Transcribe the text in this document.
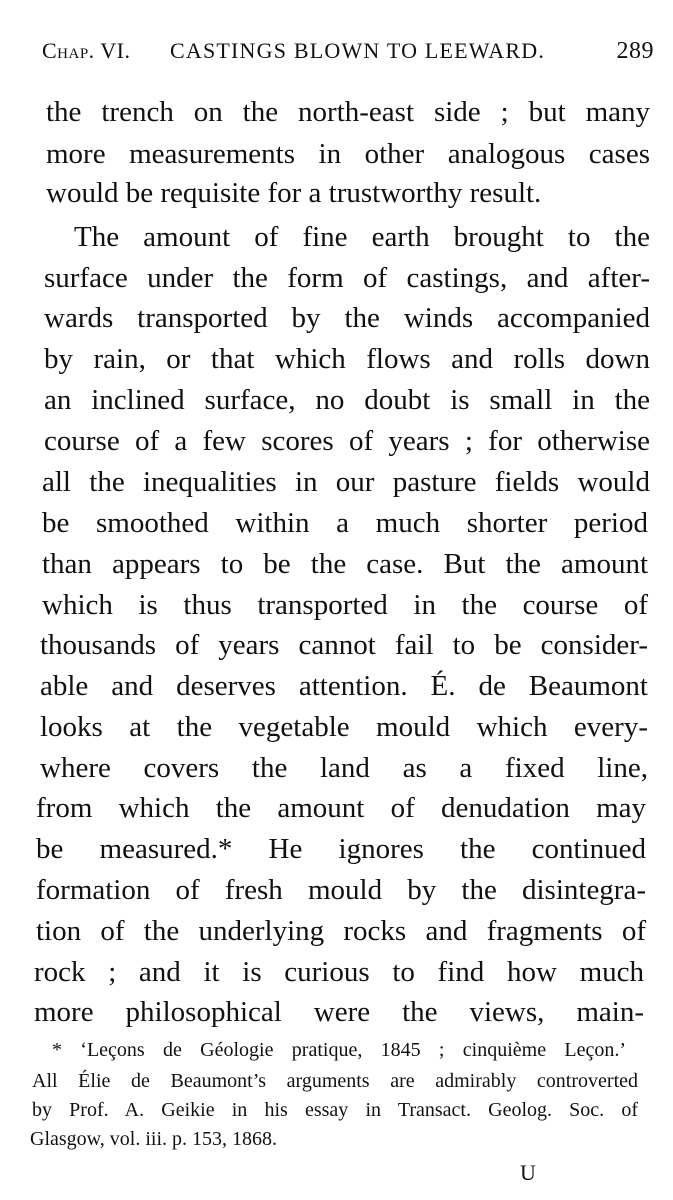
Chap. VI. CASTINGS BLOWN TO LEEWARD.	289
the trench on the north-east side ; but many
more measurements in other analogous cases
would be requisite for a trustworthy result.
The amount of fine earth brought to the
surface under the form of castings, and after-
wards transported by the winds accompanied
by rain, or that which flows and rolls down
an inclined surface, no doubt is small in the
course of a few scores of years ; for otherwise
all the inequalities in our pasture fields would
be smoothed within a much shorter period
than appears to be the case. But the amount
which is thus transported in the course of
thousands of years cannot fail to be consider-
able and deserves attention. É. de Beaumont
looks at the vegetable mould which every-
where covers the land as a fixed line,
from which the amount of denudation may
be measured.* He ignores the continued
formation of fresh mould by the disintegra-
tion of the underlying rocks and fragments of
rock ; and it is curious to find how much
more philosophical were the views, main-
* ‘Leçons de Géologie pratique, 1845 ; cinquième Leçon.’
All Élie de Beaumont’s arguments are admirably controverted
by Prof. A. Geikie in his essay in Transact. Geolog. Soc. of
Glasgow, vol. iii. p. 153, 1868.
U
